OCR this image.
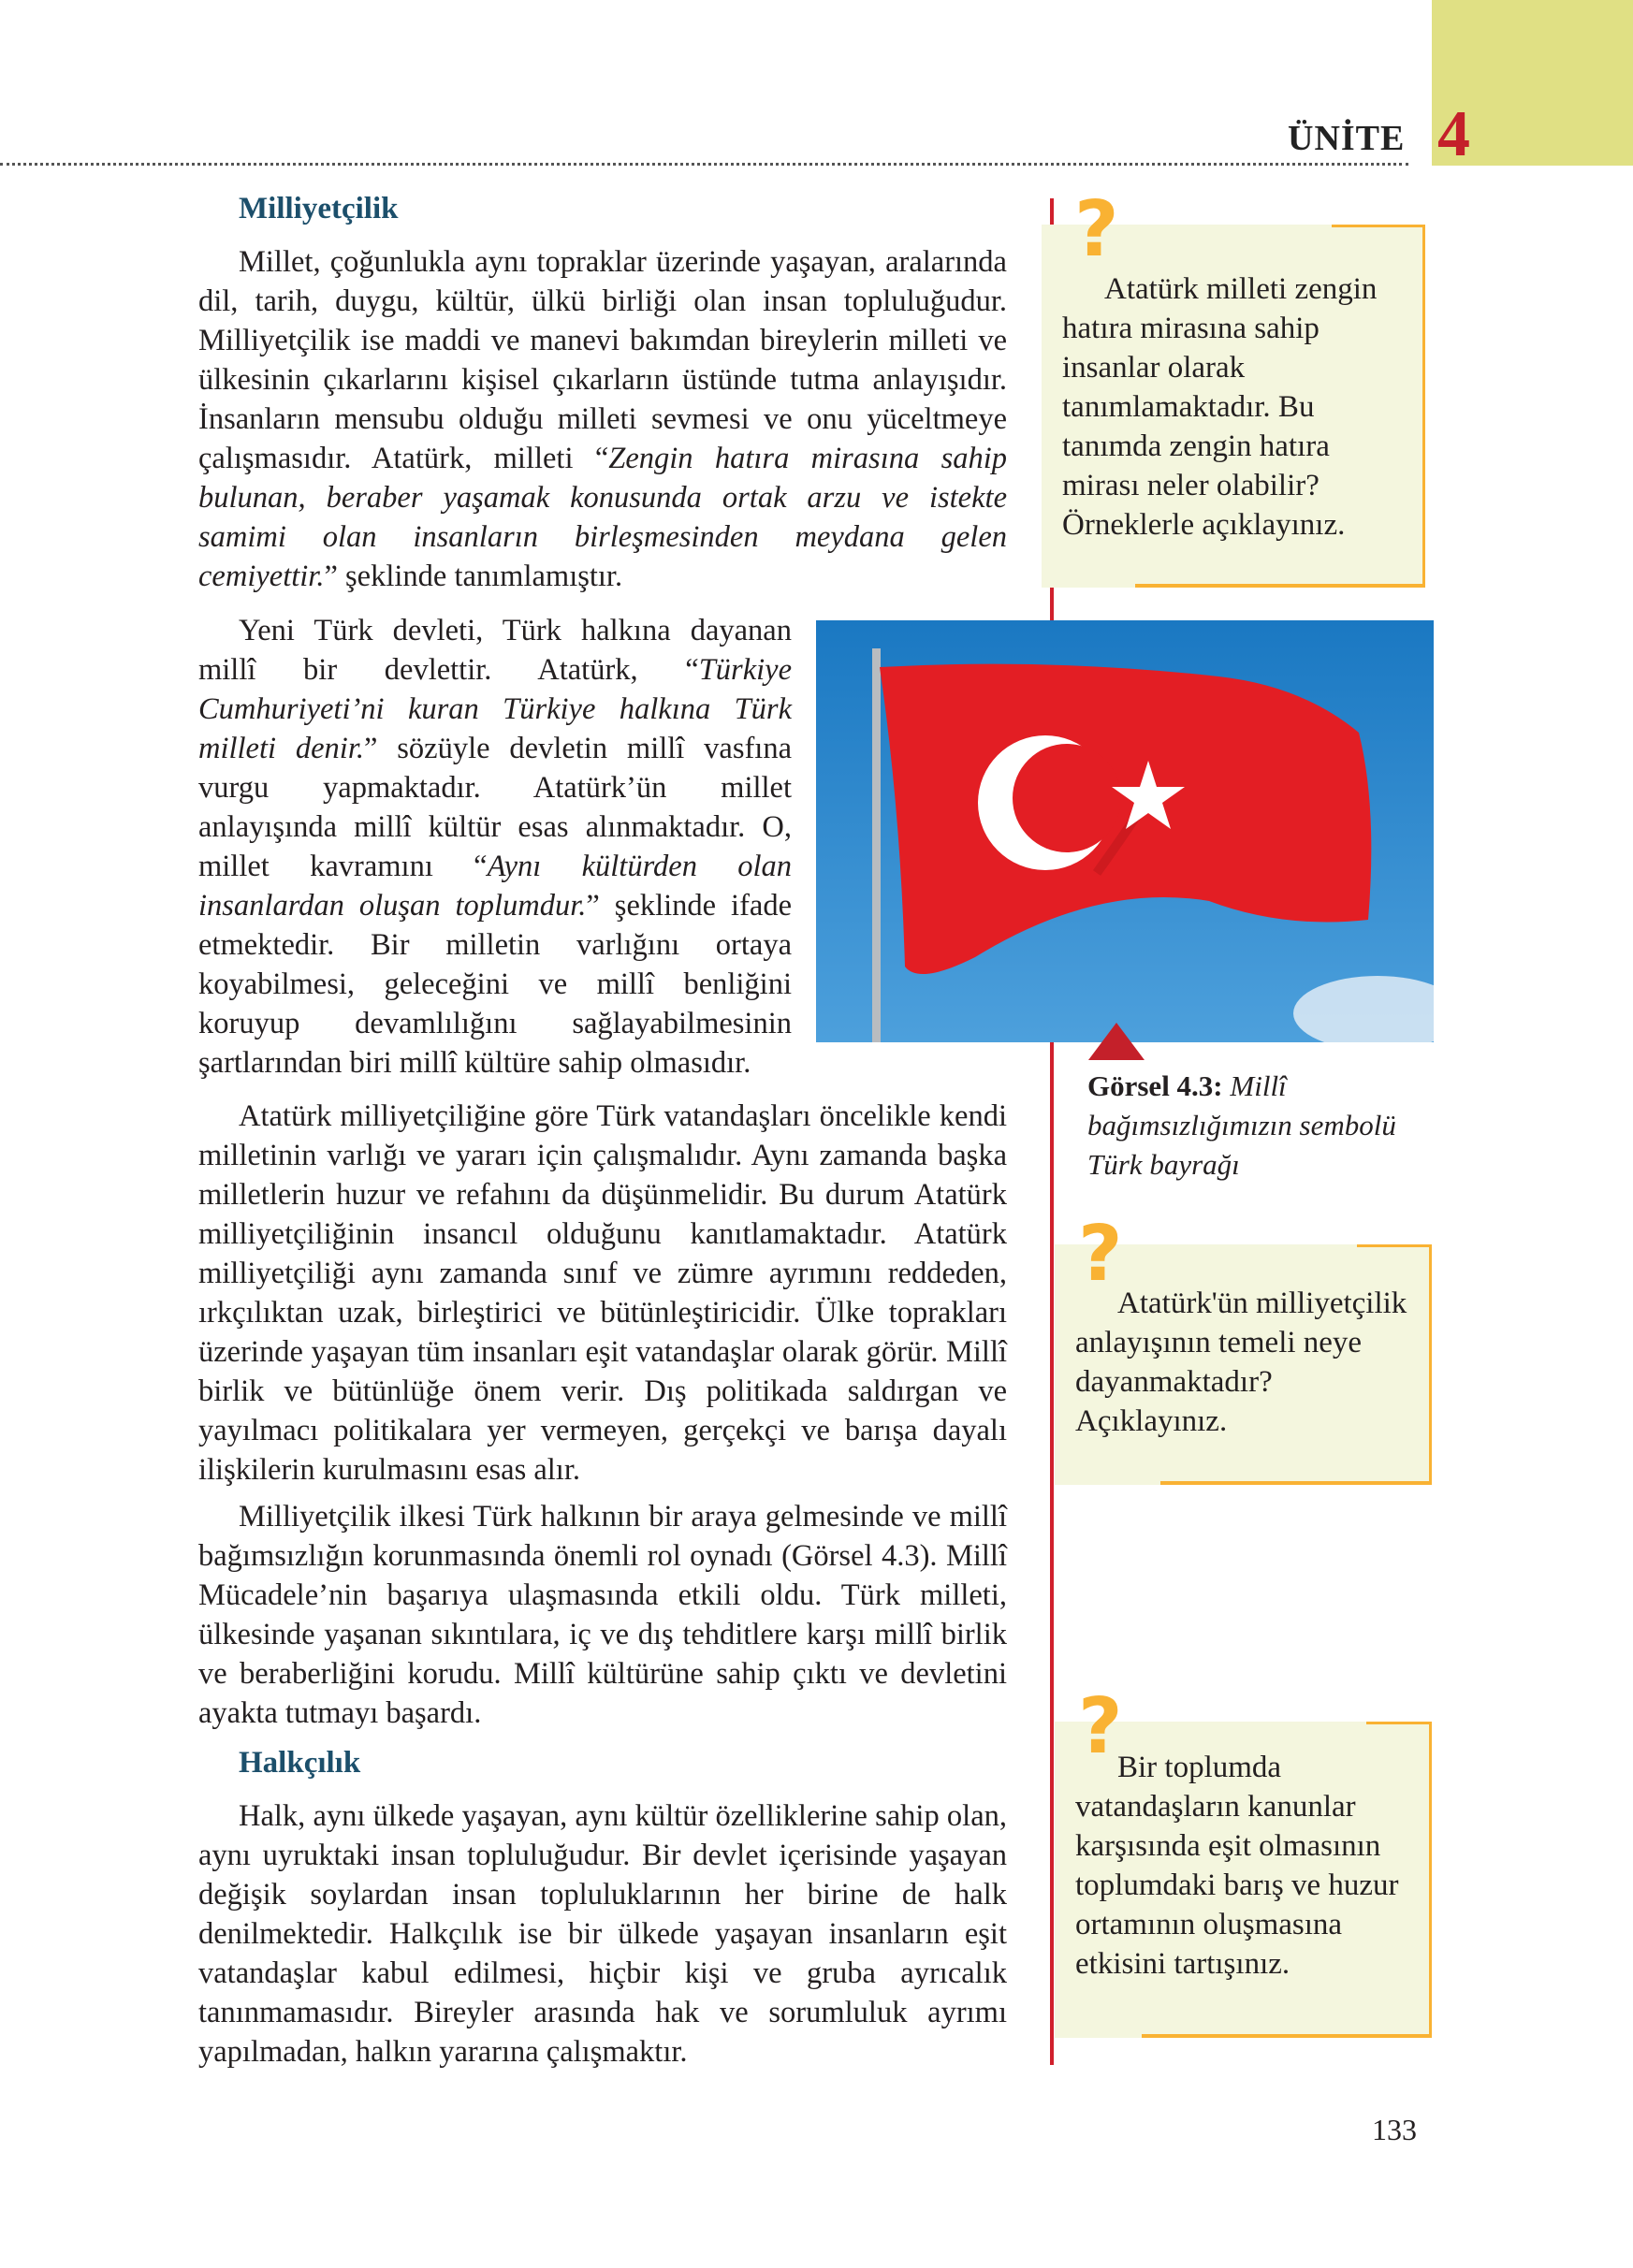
ÜNİTE 4
Milliyetçilik

Millet, çoğunlukla aynı topraklar üzerinde yaşayan, aralarında dil, tarih, duygu, kültür, ülkü birliği olan insan topluluğudur. Milliyetçilik ise maddi ve manevi bakımdan bireylerin milleti ve ülkesinin çıkarlarını kişisel çıkarların üstünde tutma anlayışıdır. İnsanların mensubu olduğu milleti sevmesi ve onu yüceltmeye çalışmasıdır. Atatürk, milleti “Zengin hatıra mirasına sahip bulunan, beraber yaşamak konusunda ortak arzu ve istekte samimi olan insanların birleşmesinden meydana gelen cemiyettir.” şeklinde tanımlamıştır.

Yeni Türk devleti, Türk halkına dayanan millî bir devlettir. Atatürk, “Türkiye Cumhuriyeti’ni kuran Türkiye halkına Türk milleti denir.” sözüyle devletin millî vasfına vurgu yapmaktadır. Atatürk’ün millet anlayışında millî kültür esas alınmaktadır. O, millet kavramını “Aynı kültürden olan insanlardan oluşan toplumdur.” şeklinde ifade etmektedir. Bir milletin varlığını ortaya koyabilmesi, geleceğini ve millî benliğini koruyup devamlılığını sağlayabilmesinin şartlarından biri millî kültüre sahip olmasıdır.

Atatürk milliyetçiliğine göre Türk vatandaşları öncelikle kendi milletinin varlığı ve yararı için çalışmalıdır. Aynı zamanda başka milletlerin huzur ve refahını da düşünmelidir. Bu durum Atatürk milliyetçiliğinin insancıl olduğunu kanıtlamaktadır. Atatürk milliyetçiliği aynı zamanda sınıf ve zümre ayrımını reddeden, ırkçılıktan uzak, birleştirici ve bütünleştiricidir. Ülke toprakları üzerinde yaşayan tüm insanları eşit vatandaşlar olarak görür. Millî birlik ve bütünlüğe önem verir. Dış politikada saldırgan ve yayılmacı politikalara yer vermeyen, gerçekçi ve barışa dayalı ilişkilerin kurulmasını esas alır.

Milliyetçilik ilkesi Türk halkının bir araya gelmesinde ve millî bağımsızlığın korunmasında önemli rol oynadı (Görsel 4.3). Millî Mücadele’nin başarıya ulaşmasında etkili oldu. Türk milleti, ülkesinde yaşanan sıkıntılara, iç ve dış tehditlere karşı millî birlik ve beraberliğini korudu. Millî kültürüne sahip çıktı ve devletini ayakta tutmayı başardı.

Halkçılık

Halk, aynı ülkede yaşayan, aynı kültür özelliklerine sahip olan, aynı uyruktaki insan topluluğudur. Bir devlet içerisinde yaşayan değişik soylardan insan topluluklarının her birine de halk denilmektedir. Halkçılık ise bir ülkede yaşayan insanların eşit vatandaşlar kabul edilmesi, hiçbir kişi ve gruba ayrıcalık tanınmamasıdır. Bireyler arasında hak ve sorumluluk ayrımı yapılmadan, halkın yararına çalışmaktır.

Atatürk milleti zengin hatıra mirasına sahip insanlar olarak tanımlamaktadır. Bu tanımda zengin hatıra mirası neler olabilir? Örneklerle açıklayınız.

?
Görsel 4.3: Millî bağımsızlığımızın sembolü Türk bayrağı

Atatürk'ün milliyetçilik anlayışının temeli neye dayanmaktadır? Açıklayınız.

?

Bir toplumda vatandaşların kanunlar karşısında eşit olmasının toplumdaki barış ve huzur ortamının oluşmasına etkisini tartışınız.

?
133
